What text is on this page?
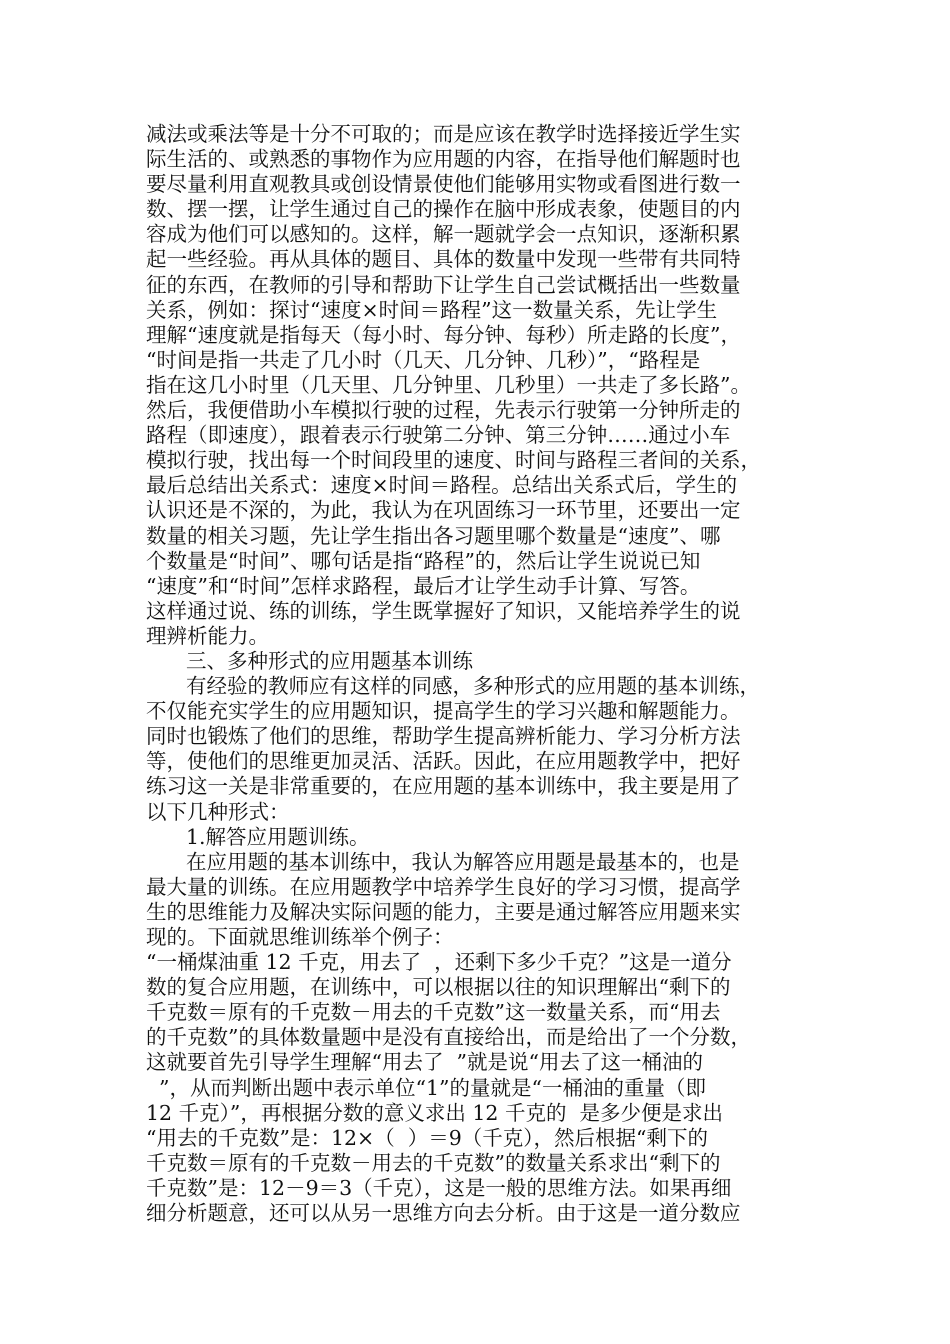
减法或乘法等是十分不可取的；而是应该在教学时选择接近学生实
际生活的、或熟悉的事物作为应用题的内容，在指导他们解题时也
要尽量利用直观教具或创设情景使他们能够用实物或看图进行数一
数、摆一摆，让学生通过自己的操作在脑中形成表象，使题目的内
容成为他们可以感知的。这样，解一题就学会一点知识，逐渐积累
起一些经验。再从具体的题目、具体的数量中发现一些带有共同特
征的东西，在教师的引导和帮助下让学生自己尝试概括出一些数量
关系，例如：探讨“速度×时间＝路程”这一数量关系，先让学生
理解“速度就是指每天（每小时、每分钟、每秒）所走路的长度”，
“时间是指一共走了几小时（几天、几分钟、几秒）”，“路程是
指在这几小时里（几天里、几分钟里、几秒里）一共走了多长路”。
然后，我便借助小车模拟行驶的过程，先表示行驶第一分钟所走的
路程（即速度），跟着表示行驶第二分钟、第三分钟……通过小车
模拟行驶，找出每一个时间段里的速度、时间与路程三者间的关系，
最后总结出关系式：速度×时间＝路程。总结出关系式后，学生的
认识还是不深的，为此，我认为在巩固练习一环节里，还要出一定
数量的相关习题，先让学生指出各习题里哪个数量是“速度”、哪
个数量是“时间”、哪句话是指“路程”的，然后让学生说说已知
“速度”和“时间”怎样求路程，最后才让学生动手计算、写答。
这样通过说、练的训练，学生既掌握好了知识，又能培养学生的说
理辨析能力。
三、多种形式的应用题基本训练
有经验的教师应有这样的同感，多种形式的应用题的基本训练，
不仅能充实学生的应用题知识，提高学生的学习兴趣和解题能力。
同时也锻炼了他们的思维，帮助学生提高辨析能力、学习分析方法
等，使他们的思维更加灵活、活跃。因此，在应用题教学中，把好
练习这一关是非常重要的，在应用题的基本训练中，我主要是用了
以下几种形式：
1.解答应用题训练。
在应用题的基本训练中，我认为解答应用题是最基本的，也是
最大量的训练。在应用题教学中培养学生良好的学习习惯，提高学
生的思维能力及解决实际问题的能力，主要是通过解答应用题来实
现的。下面就思维训练举个例子：
“一桶煤油重 12 千克，用去了  ，还剩下多少千克？”这是一道分
数的复合应用题，在训练中，可以根据以往的知识理解出“剩下的
千克数＝原有的千克数－用去的千克数”这一数量关系，而“用去
的千克数”的具体数量题中是没有直接给出，而是给出了一个分数，
这就要首先引导学生理解“用去了  ”就是说“用去了这一桶油的
”，从而判断出题中表示单位“1”的量就是“一桶油的重量（即
12 千克）”，再根据分数的意义求出 12 千克的  是多少便是求出
“用去的千克数”是：12×（  ）＝9（千克），然后根据“剩下的
千克数＝原有的千克数－用去的千克数”的数量关系求出“剩下的
千克数”是：12－9＝3（千克），这是一般的思维方法。如果再细
细分析题意，还可以从另一思维方向去分析。由于这是一道分数应
